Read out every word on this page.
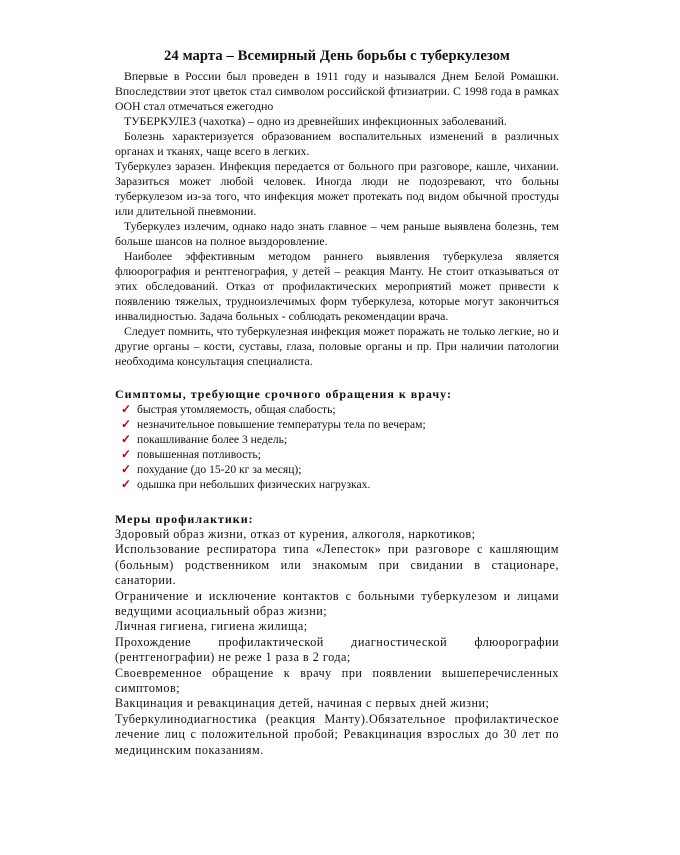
24 марта – Всемирный День борьбы с туберкулезом

Впервые в России был проведен в 1911 году и назывался Днем Белой Ромашки. Впоследствии этот цветок стал символом российской фтизиатрии. С 1998 года в рамках ООН стал отмечаться ежегодно

ТУБЕРКУЛЕЗ (чахотка) – одно из древнейших инфекционных заболеваний.

Болезнь характеризуется образованием воспалительных изменений в различных органах и тканях, чаще всего в легких.

Туберкулез заразен. Инфекция передается от больного при разговоре, кашле, чихании. Заразиться может любой человек. Иногда люди не подозревают, что больны туберкулезом из-за того, что инфекция может протекать под видом обычной простуды или длительной пневмонии.

Туберкулез излечим, однако надо знать главное – чем раньше выявлена болезнь, тем больше шансов на полное выздоровление.

Наиболее эффективным методом раннего выявления туберкулеза является флюорография и рентгенография, у детей – реакция Манту. Не стоит отказываться от этих обследований. Отказ от профилактических мероприятий может привести к появлению тяжелых, трудноизлечимых форм туберкулеза, которые могут закончиться инвалидностью. Задача больных - соблюдать рекомендации врача.

Следует помнить, что туберкулезная инфекция может поражать не только легкие, но и другие органы – кости, суставы, глаза, половые органы и пр. При наличии патологии необходима консультация специалиста.

Симптомы, требующие срочного обращения к врачу:
✓ быстрая утомляемость, общая слабость;
✓ незначительное повышение температуры тела по вечерам;
✓ покашливание более 3 недель;
✓ повышенная потливость;
✓ похудание (до 15-20 кг за месяц);
✓ одышка при небольших физических нагрузках.
Меры профилактики:

Здоровый образ жизни, отказ от курения, алкоголя, наркотиков;

Использование респиратора типа «Лепесток» при разговоре с кашляющим (больным) родственником или знакомым при свидании в стационаре, санатории.

Ограничение и исключение контактов с больными туберкулезом и лицами ведущими асоциальный образ жизни;

Личная гигиена, гигиена жилища;

Прохождение профилактической диагностической флюорографии (рентгенографии) не реже 1 раза в 2 года;

Своевременное обращение к врачу при появлении вышеперечисленных симптомов;

Вакцинация и ревакцинация детей, начиная с первых дней жизни;

Туберкулинодиагностика (реакция Манту).Обязательное профилактическое лечение лиц с положительной пробой; Ревакцинация взрослых до 30 лет по медицинским показаниям.
